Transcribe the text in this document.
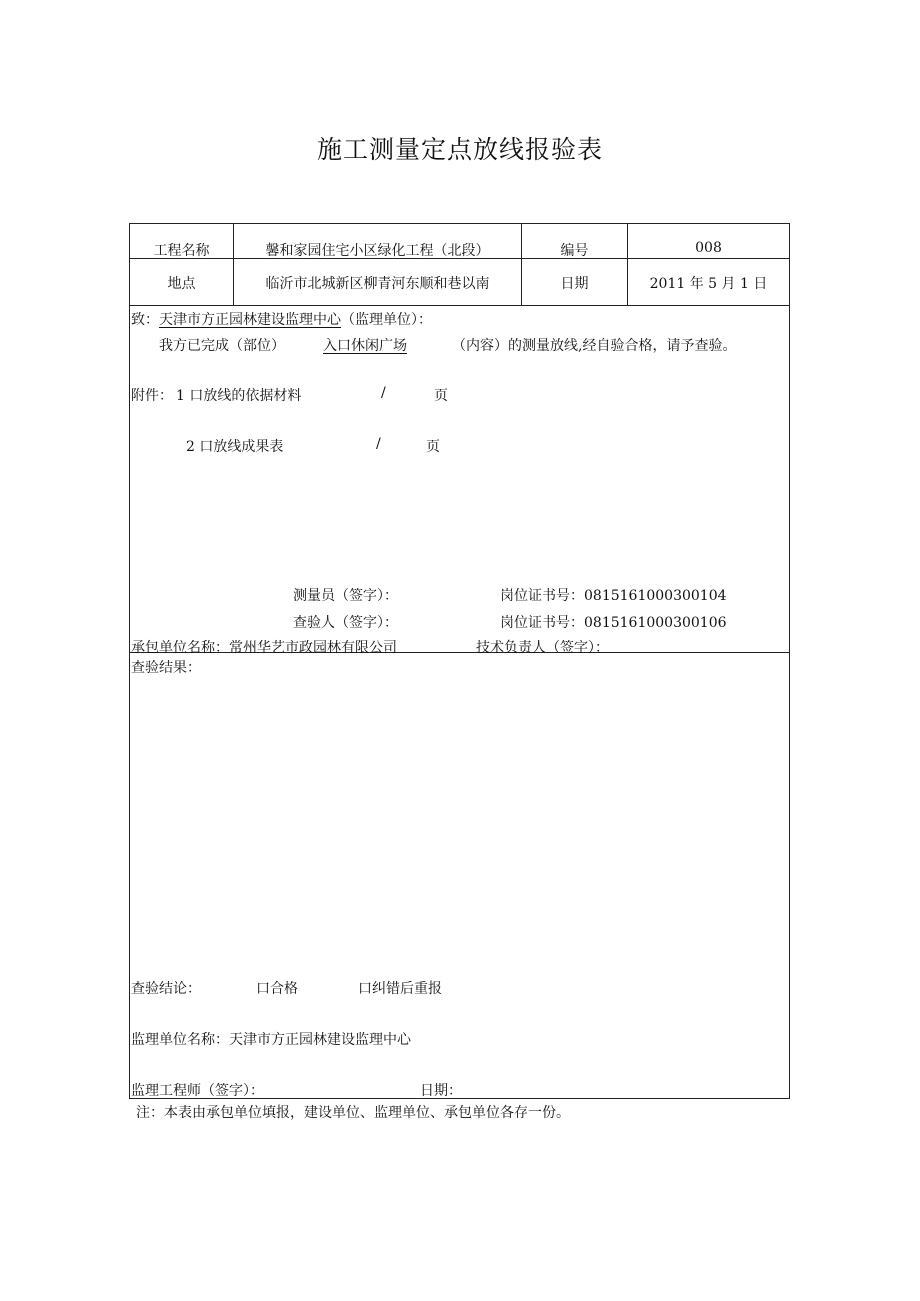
施工测量定点放线报验表
工程名称	馨和家园住宅小区绿化工程（北段）	编号	008
地点	临沂市北城新区柳青河东顺和巷以南	日期	2011 年 5 月 1 日
致：天津市方正园林建设监理中心（监理单位）：
我方已完成（部位）	入口休闲广场	（内容）的测量放线,经自验合格，请予查验。
附件： 1 口放线的依据材料	/	页
2 口放线成果表	/	页
测量员（签字）：	岗位证书号：0815161000300104
查验人（签字）：	岗位证书号：0815161000300106
承包单位名称：常州华艺市政园林有限公司	技术负责人（签字）：
查验结果：
查验结论：	口合格	口纠错后重报
监理单位名称：天津市方正园林建设监理中心
监理工程师（签字）：	日期：
注：本表由承包单位填报，建设单位、监理单位、承包单位各存一份。
